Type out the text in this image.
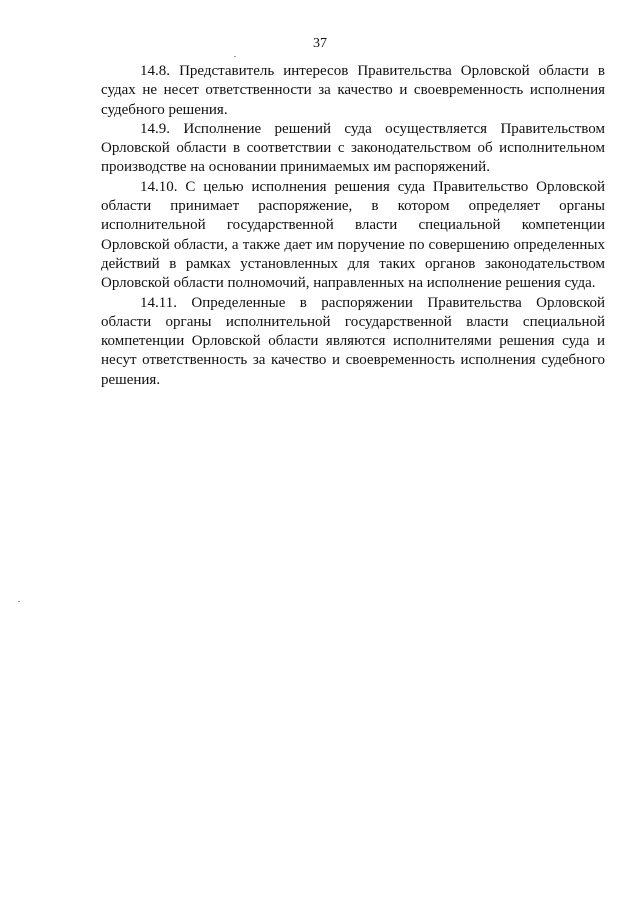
37

14.8. Представитель интересов Правительства Орловской области в судах не несет ответственности за качество и своевременность исполнения судебного решения.

14.9. Исполнение решений суда осуществляется Правительством Орловской области в соответствии с законодательством об исполнительном производстве на основании принимаемых им распоряжений.

14.10. С целью исполнения решения суда Правительство Орловской области принимает распоряжение, в котором определяет органы исполнительной государственной власти специальной компетенции Орловской области, а также дает им поручение по совершению определенных действий в рамках установленных для таких органов законодательством Орловской области полномочий, направленных на исполнение решения суда.

14.11. Определенные в распоряжении Правительства Орловской области органы исполнительной государственной власти специальной компетенции Орловской области являются исполнителями решения суда и несут ответственность за качество и своевременность исполнения судебного решения.
